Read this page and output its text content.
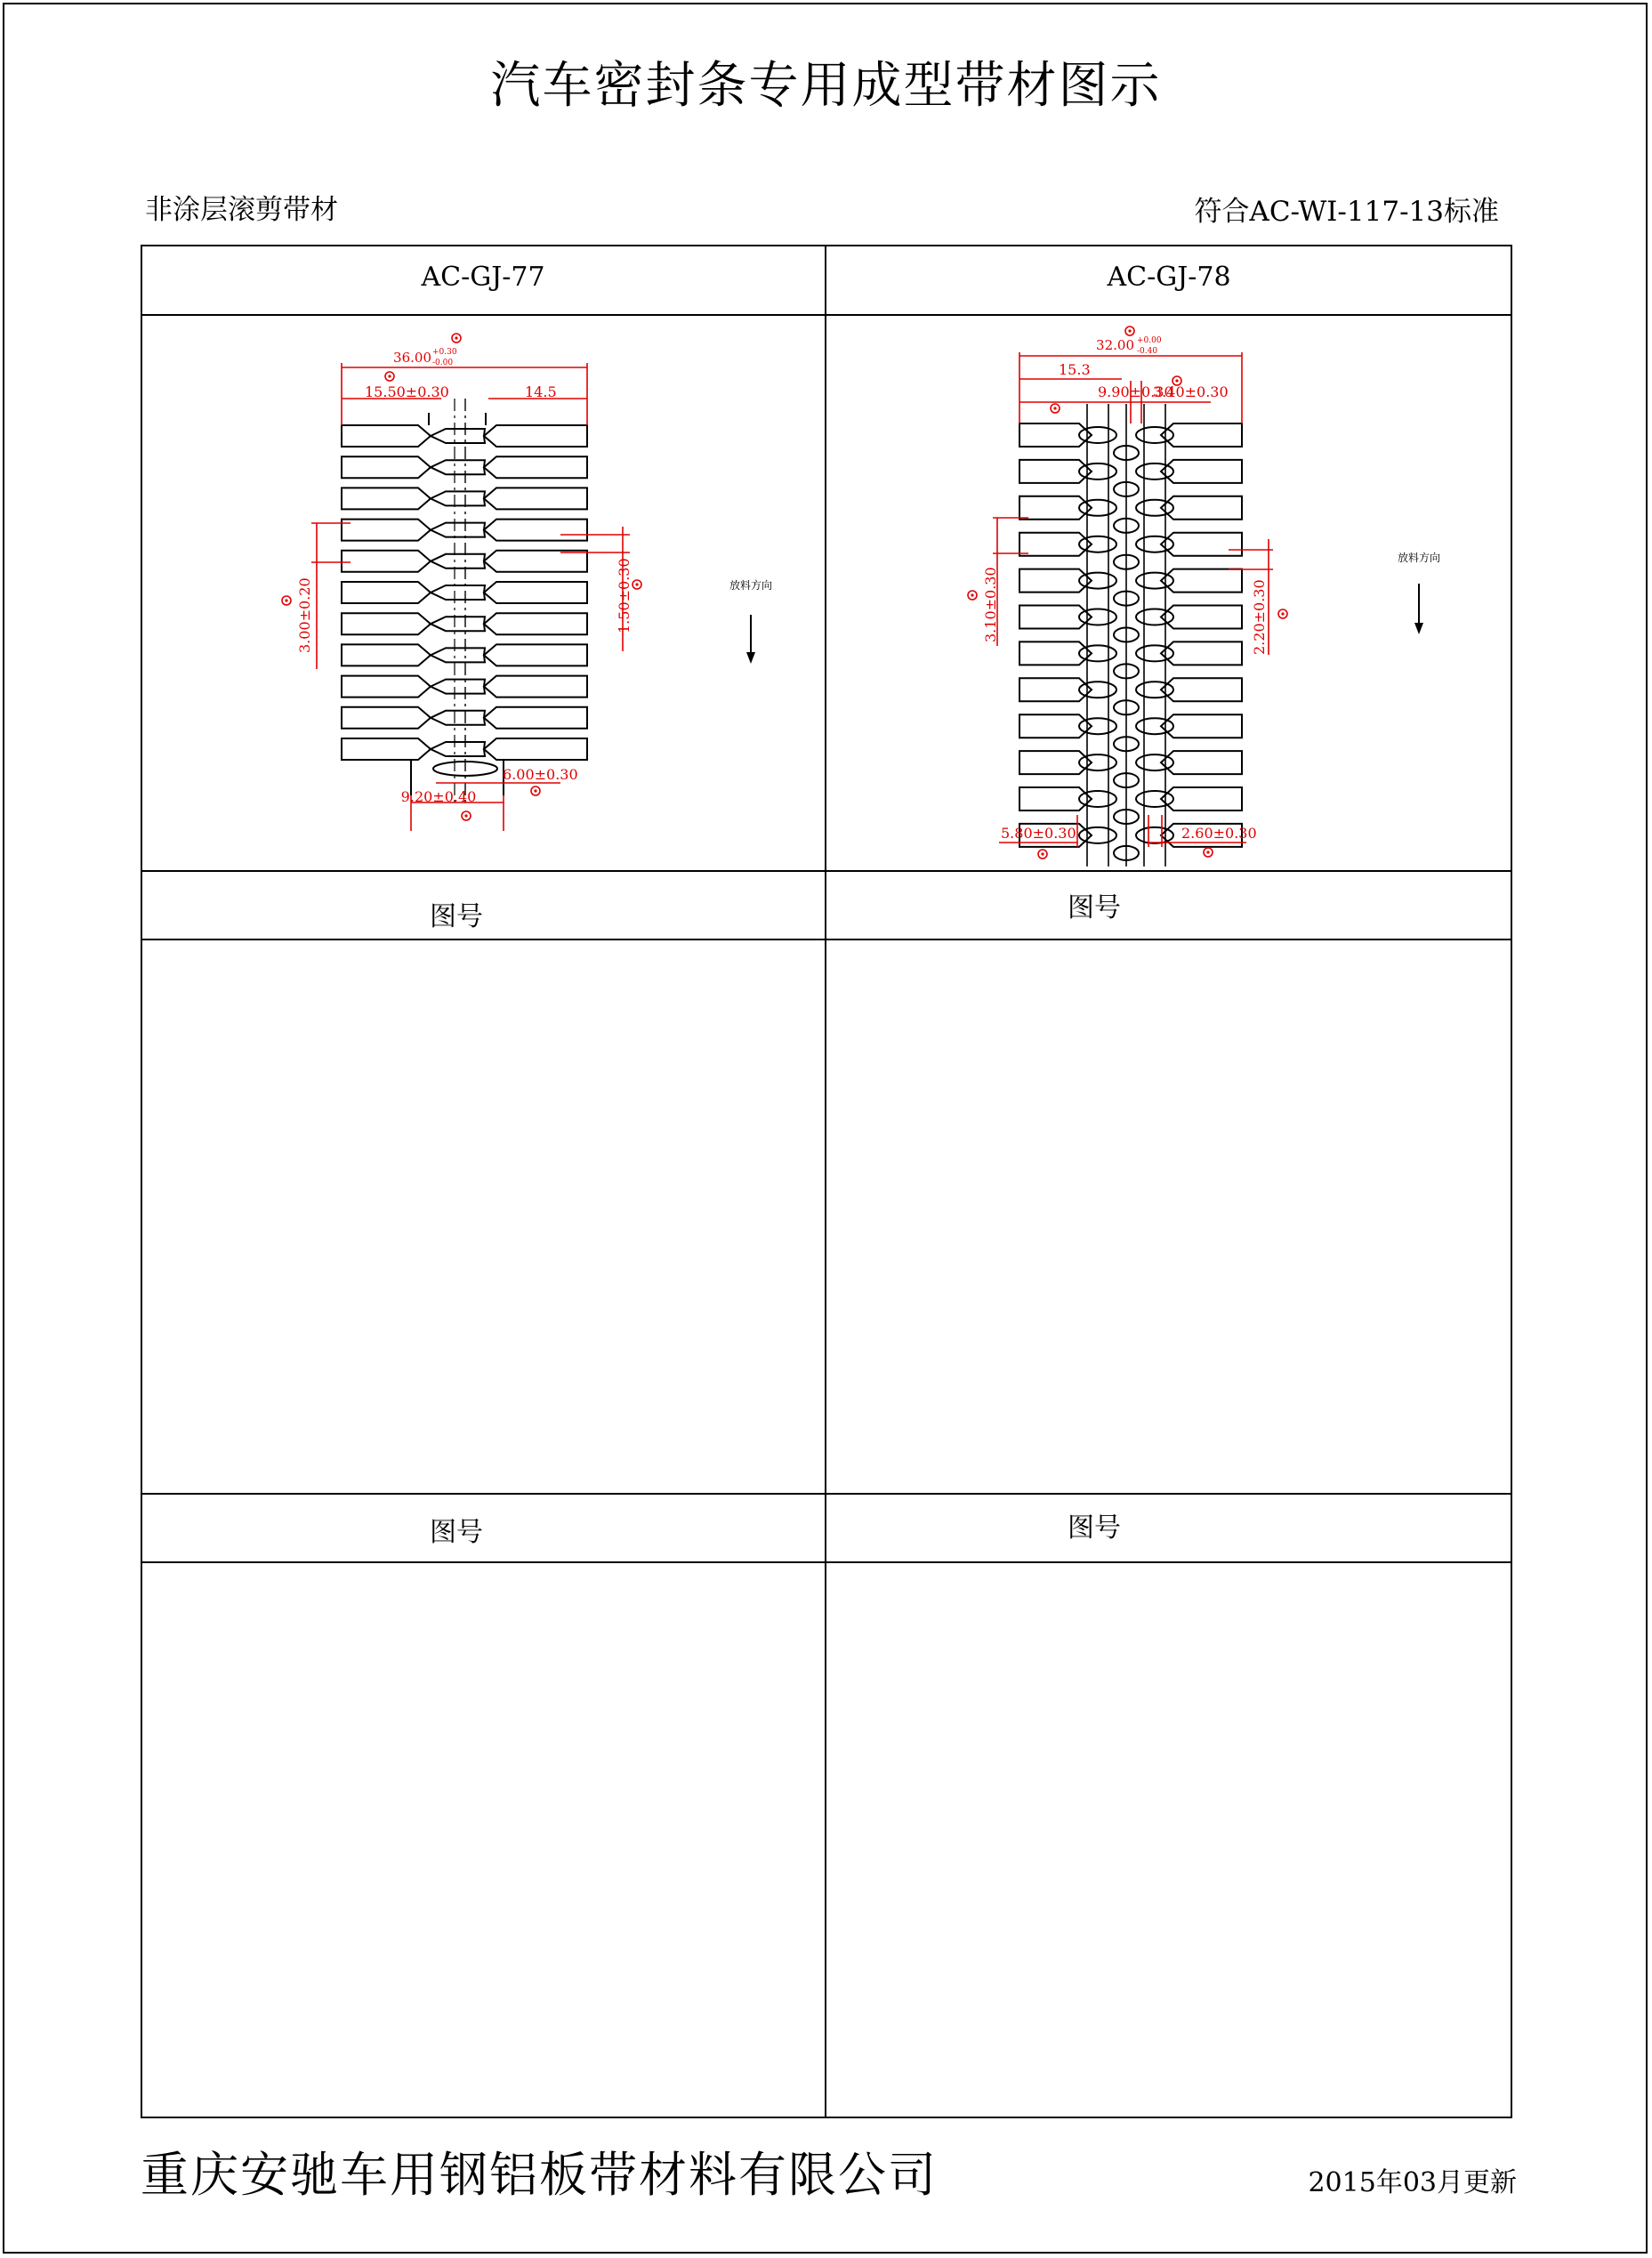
汽车密封条专用成型带材图示
非涂层滚剪带材	符合AC-WI-117-13标准
AC-GJ-77	AC-GJ-78
图号	图号
图号	图号
36.00 +0.30
-0.00
15.50±0.30	14.5
3.00±0.20	1.50±0.30
6.00±0.30
9.20±0.40
放料方向
32.00 +0.00
-0.40
15.3
9.90±0.30
3.40±0.30
3.10±0.30	2.20±0.30
5.80±0.30	2.60±0.30
放料方向
重庆安驰车用钢铝板带材料有限公司	2015年03月更新
